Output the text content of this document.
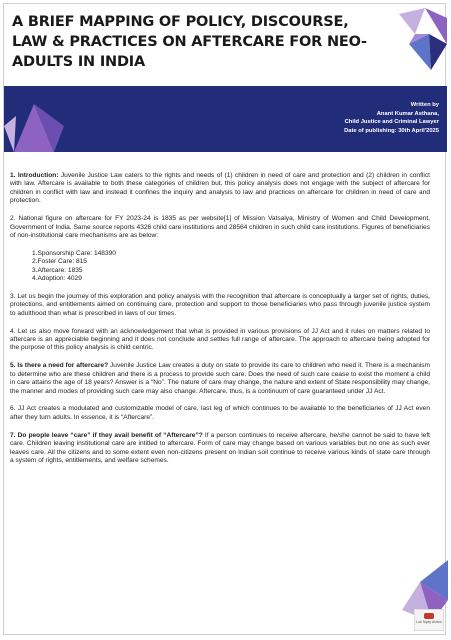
A BRIEF MAPPING OF POLICY, DISCOURSE, LAW & PRACTICES ON AFTERCARE FOR NEO-ADULTS IN INDIA
Written by
Anant Kumar Asthana,
Child Justice and Criminal Lawyer
Date of publishing: 30th April'2025

1. Introduction: Juvenile Justice Law caters to the rights and needs of (1) children in need of care and protection and (2) children in conflict with law. Aftercare is available to both these categories of children but, this policy analysis does not engage with the subject of aftercare for children in conflict with law and instead it confines the inquiry and analysis to law and practices on aftercare for children in need of care and protection.

2. National figure on aftercare for FY 2023-24 is 1835 as per website[1] of Mission Vatsalya, Ministry of Women and Child Development, Government of India. Same source reports 4326 child care institutions and 28564 children in such child care institutions. Figures of beneficiaries of non-institutional care mechanisms are as below:

1.Sponsorship Care: 148390
2.Foster Care: 815
3.Aftercare: 1835
4.Adoption: 4029

3. Let us begin the journey of this exploration and policy analysis with the recognition that aftercare is conceptually a larger set of rights, duties, protections, and entitlements aimed on continuing care, protection and support to those beneficiaries who pass through juvenile justice system to adulthood than what is prescribed in laws of our times.

4. Let us also move forward with an acknowledgement that what is provided in various provisions of JJ Act and it rules on matters related to aftercare is an appreciable beginning and it does not conclude and settles full range of aftercare. The approach to aftercare being adopted for the purpose of this policy analysis is child centric.

5. Is there a need for aftercare? Juvenile Justice Law creates a duty on state to provide its care to children who need it. There is a mechanism to determine who are these children and there is a process to provide such care. Does the need of such care cease to exist the moment a child in care attains the age of 18 years? Answer is a “No”. The nature of care may change, the nature and extent of State responsibility may change, the manner and modes of providing such care may also change. Aftercare, thus, is a continuum of care guaranteed under JJ Act.

6. JJ Act creates a modulated and customizable model of care, last leg of which continues to be available to the beneficiaries of JJ Act even after they turn adults. In essence, it is “Aftercare”.

7. Do people leave “care” if they avail benefit of “Aftercare”? If a person continues to receive aftercare, he/she cannot be said to have left care. Children leaving institutional care are intitled to aftercare. Form of care may change based on various variables but no one as such ever leaves care. All the citizens and to some extent even non-citizens present on Indian soil continue to receive various kinds of state care through a system of rights, entitlements, and welfare schemes.

Lok Nyay Action
